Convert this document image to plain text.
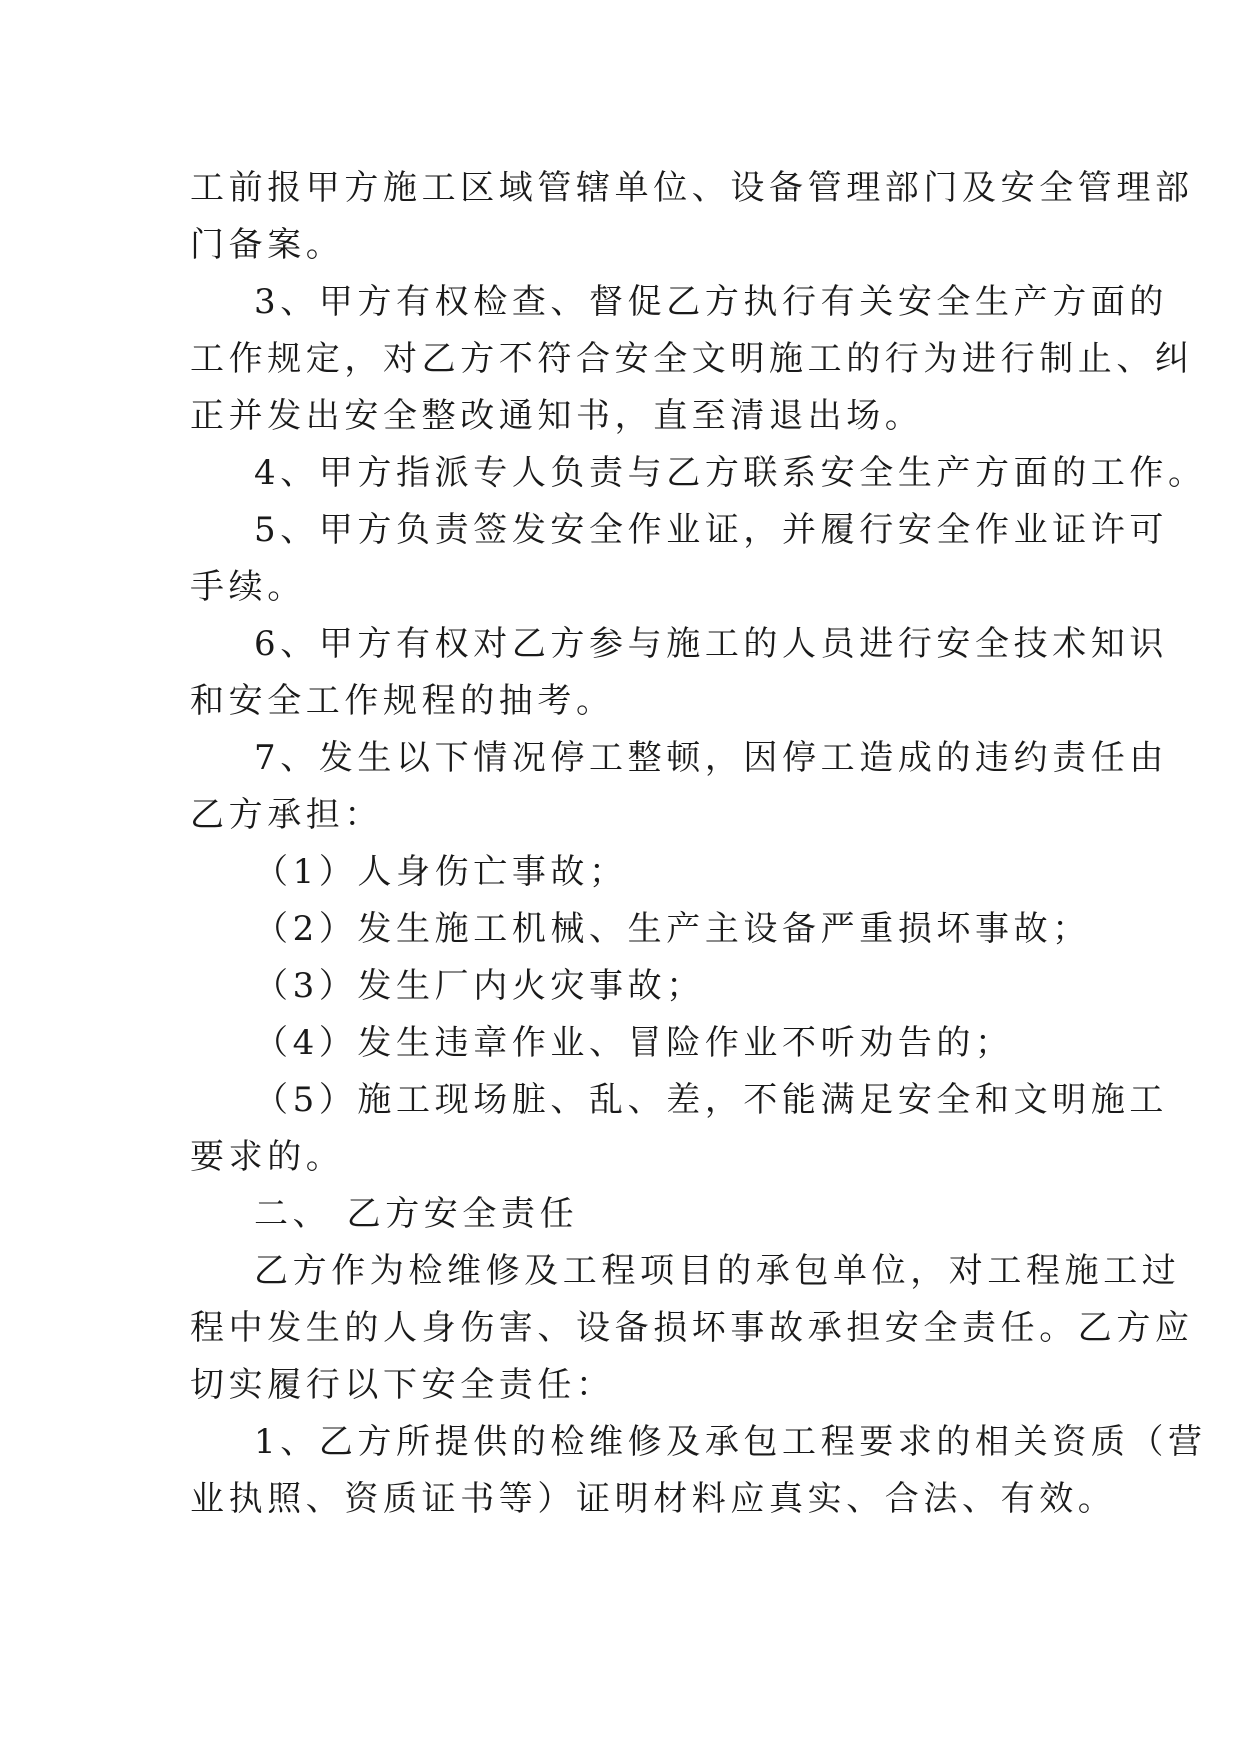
工前报甲方施工区域管辖单位、设备管理部门及安全管理部
门备案。
3、甲方有权检查、督促乙方执行有关安全生产方面的
工作规定，对乙方不符合安全文明施工的行为进行制止、纠
正并发出安全整改通知书，直至清退出场。
4、甲方指派专人负责与乙方联系安全生产方面的工作。
5、甲方负责签发安全作业证，并履行安全作业证许可
手续。
6、甲方有权对乙方参与施工的人员进行安全技术知识
和安全工作规程的抽考。
7、发生以下情况停工整顿，因停工造成的违约责任由
乙方承担：
（1）人身伤亡事故；
（2）发生施工机械、生产主设备严重损坏事故；
（3）发生厂内火灾事故；
（4）发生违章作业、冒险作业不听劝告的；
（5）施工现场脏、乱、差，不能满足安全和文明施工
要求的。
二、 乙方安全责任
乙方作为检维修及工程项目的承包单位，对工程施工过
程中发生的人身伤害、设备损坏事故承担安全责任。乙方应
切实履行以下安全责任：
1、乙方所提供的检维修及承包工程要求的相关资质（营
业执照、资质证书等）证明材料应真实、合法、有效。
